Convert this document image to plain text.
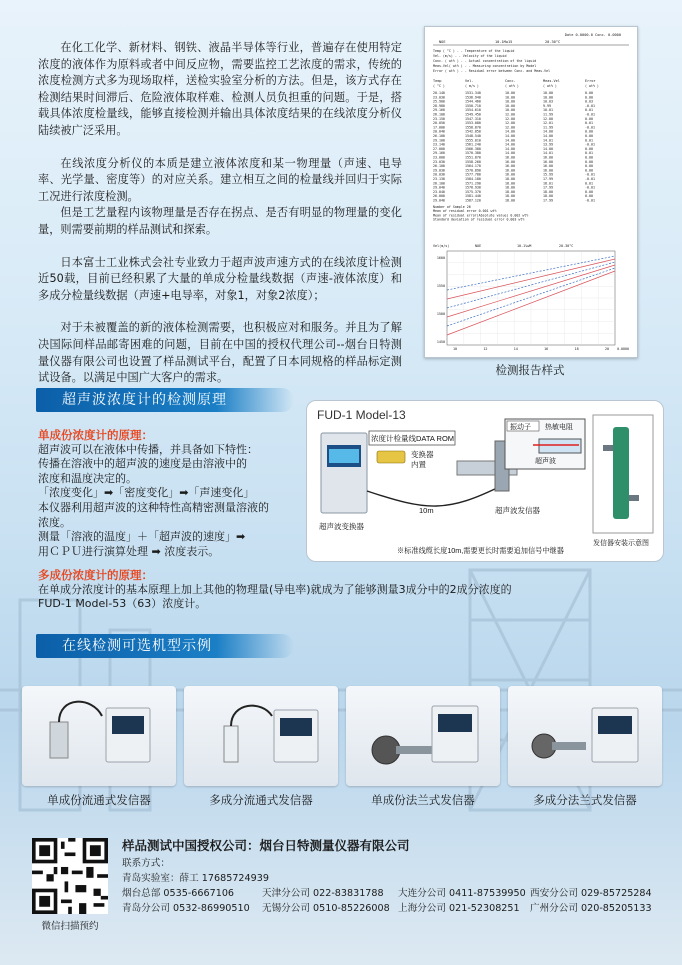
在化工化学、新材料、钢铁、液晶半导体等行业，普遍存在使用特定浓度的液体作为原料或者中间反应物，需要监控工艺浓度的需求，传统的浓度检测方式多为现场取样，送检实验室分析的方法。但是，该方式存在检测结果时间滞后、危险液体取样难、检测人员负担重的问题。于是，搭载具体浓度检量线，能够直接检测并输出具体浓度结果的在线浓度分析仪陆续被广泛采用。

在线浓度分析仪的本质是建立液体浓度和某一物理量（声速、电导率、光学量、密度等）的对应关系。建立相互之间的检量线并回归于实际工况进行浓度检测。

但是工艺量程内该物理量是否存在拐点、是否有明显的物理量的变化量，则需要前期的样品测试和探索。

日本富士工业株式会社专业致力于超声波声速方式的在线浓度计检测近50载，目前已经积累了大量的单成分检量线数据（声速-液体浓度）和多成分检量线数据（声速+电导率，对象1，对象2浓度）；

对于未被覆盖的新的液体检测需要，也积极应对和服务。并且为了解决国际间样品邮寄困难的问题，目前在中国的授权代理公司--烟台日特测量仪器有限公司也设置了样品测试平台，配置了日本同规格的样品标定测试设备。以满足中国广大客户的需求。

Date 0-0000.0 Conc. 0-0000
NOE	10-1Mw15	20-30°C
Temp ( °C ) - - Temperature of the liquid
Vel. (m/s) - - Velocity of the liquid
Conc. ( wt% ) - - Actual concentration of the liquid
Meas.Vel( wt% ) - - Measuring concentration by Model
Error ( wt% ) - - Residual error between Conc. and Meas.Vel
Temp	Vel.	Conc.	Meas.Vel	Error
( °C )	( m/s )	( wt% )	( wt% )	( wt% )
20.140	1531.340	10.00	10.00	0.00
23.030	1536.940	10.00	10.00	0.00
25.900	1544.460	10.00	10.03	0.03
28.980	1550.710	10.00	9.99	-0.01
29.160	1554.610	10.00	10.01	0.01
26.100	1549.450	12.00	11.99	-0.01
23.150	1547.310	12.00	12.00	0.00
20.050	1553.080	12.00	12.01	0.01
17.000	1558.870	12.00	11.99	-0.01
20.040	1542.850	14.00	14.00	0.00
26.100	1548.540	14.00	14.00	0.00
29.100	1555.010	14.00	14.01	0.01
23.140	1561.240	14.00	13.99	-0.01
27.000	1566.380	14.00	14.00	0.00
29.160	1570.380	14.00	14.01	0.01
23.000	1551.870	16.00	16.00	0.00
23.030	1558.260	16.00	16.00	0.00
26.100	1564.170	16.00	16.00	0.00
29.030	1570.890	16.00	16.00	0.00
20.030	1577.780	16.00	15.99	-0.01
23.130	1584.180	18.00	17.99	-0.01
26.100	1571.290	18.00	18.01	0.01
29.040	1578.930	18.00	17.99	-0.01
23.040	1575.370	18.00	18.00	0.00
26.000	1581.440	18.00	18.00	0.00
29.040	1587.120	18.00	17.99	-0.01
Number of Sample 26
Mean of residual error 0.001 wt%
Mean of residual error(Absolute value) 0.002 wt%
Standard deviation of residual error 0.003 wt%
Vel(m/s)	NOE	10-1%wM	20-30°C
1600
1550
1500
1450
10	12	14	16	18	20 0-0000
检测报告样式
超声波浓度计的检测原理
单成份浓度计的原理：
超声波可以在液体中传播，并具备如下特性：
传播在溶液中的超声波的速度是由溶液中的
浓度和温度决定的。
「浓度变化」➡「密度变化」➡「声速变化」
本仪器利用超声波的这种特性高精密测量溶液的
浓度。
测量「溶液的温度」＋「超声波的速度」➡
用ＣＰＵ进行演算处理 ➡ 浓度表示。
多成份浓度计的原理：
在单成分浓度计的基本原理上加上其他的物理量(导电率)就成为了能够测量3成分中的2成分浓度的
FUD-1 Model-53（63）浓度计。
FUD-1 Model-13
浓度计检量线DATA ROM
变换器
内置
10m
超声波变换器
超声波发信器
振动子 热敏电阻
超声波
发信器安装示意图
※标准线缆长度10m,需要更长时需要追加信号中继器
在线检测可选机型示例
单成份流通式发信器	多成分流通式发信器	单成份法兰式发信器	多成分法兰式发信器
微信扫描预约
样品测试中国授权公司：烟台日特测量仪器有限公司
联系方式：
青岛实验室：薛工 17685724939
烟台总部 0535-6667106	天津分公司 022-83831788 大连分公司 0411-87539950 西安分公司 029-85725284
青岛分公司 0532-86990510 无锡分公司 0510-85226008 上海分公司 021-52308251 广州分公司 020-85205133
